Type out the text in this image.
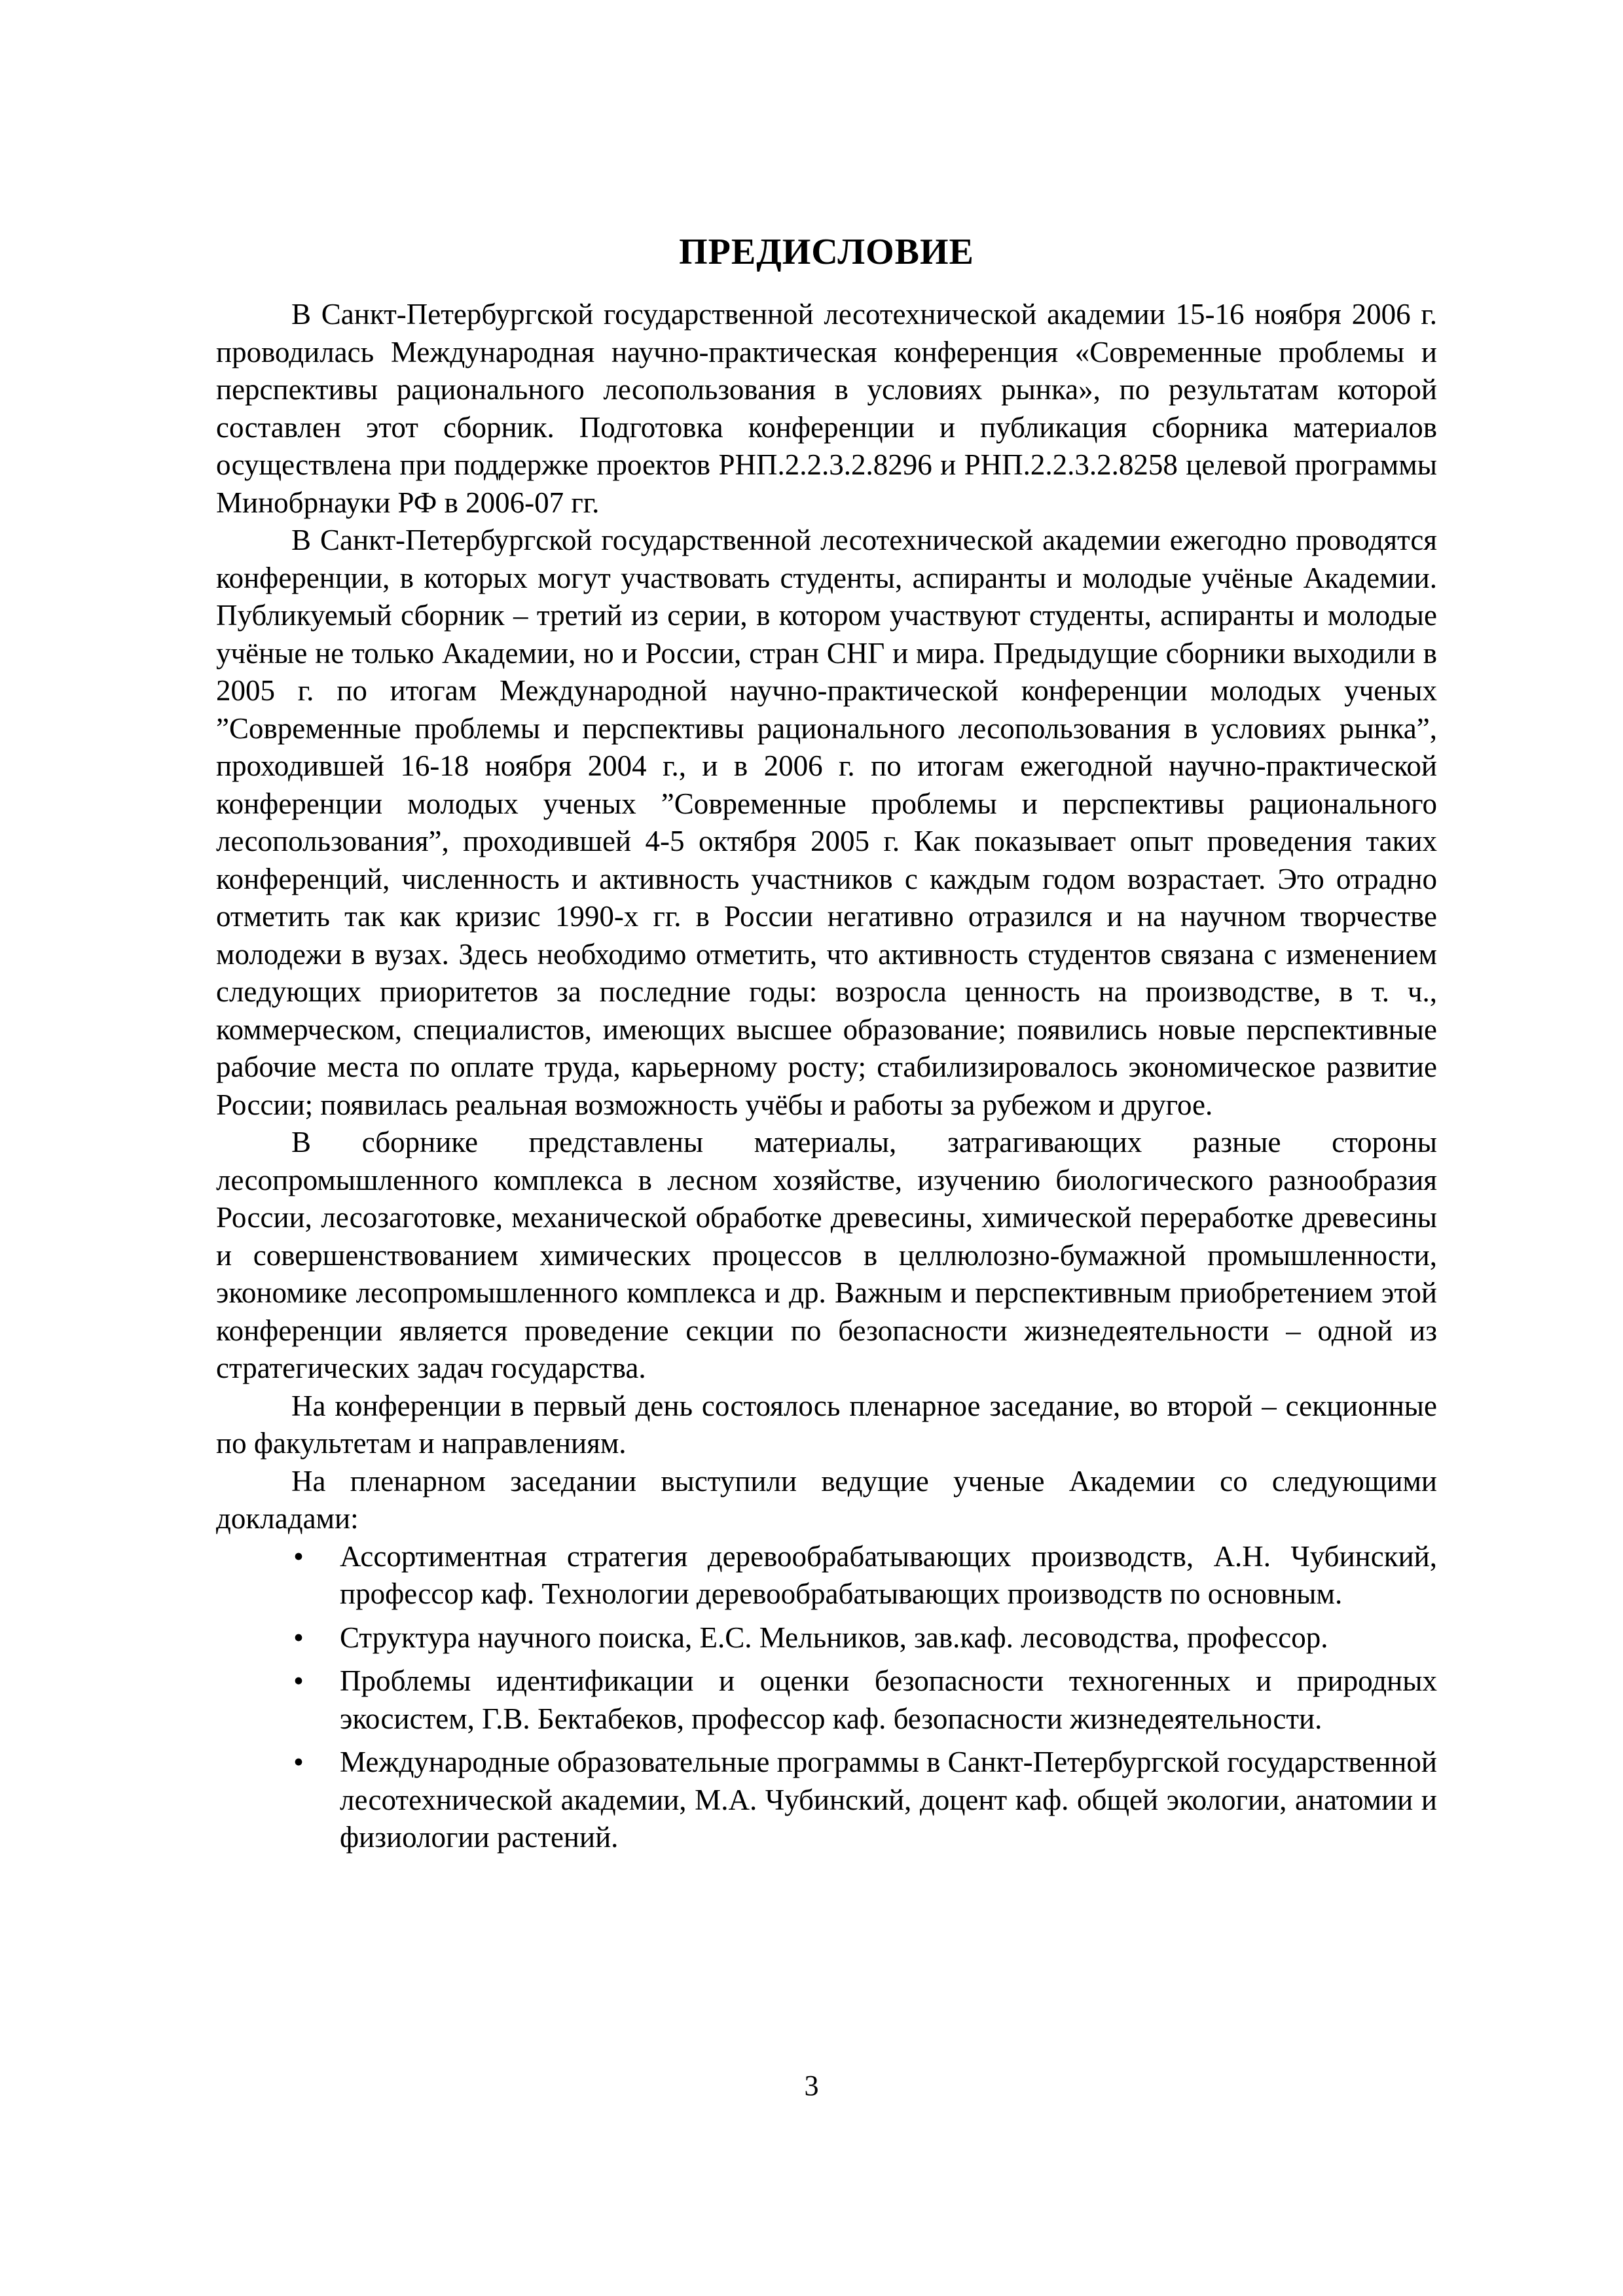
ПРЕДИСЛОВИЕ

В Санкт-Петербургской государственной лесотехнической академии 15-16 ноября 2006 г. проводилась Международная научно-практическая конференция «Современные проблемы и перспективы рационального лесопользования в условиях рынка», по результатам которой составлен этот сборник. Подготовка конференции и публикация сборника материалов осуществлена при поддержке проектов РНП.2.2.3.2.8296 и РНП.2.2.3.2.8258 целевой программы Минобрнауки РФ в 2006-07 гг.

В Санкт-Петербургской государственной лесотехнической академии ежегодно проводятся конференции, в которых могут участвовать студенты, аспиранты и молодые учёные Академии. Публикуемый сборник – третий из серии, в котором участвуют студенты, аспиранты и молодые учёные не только Академии, но и России, стран СНГ и мира. Предыдущие сборники выходили в 2005 г. по итогам Международной научно-практической конференции молодых ученых ”Современные проблемы и перспективы рационального лесопользования в условиях рынка”, проходившей 16-18 ноября 2004 г., и в 2006 г. по итогам ежегодной научно-практической конференции молодых ученых ”Современные проблемы и перспективы рационального лесопользования”, проходившей 4-5 октября 2005 г. Как показывает опыт проведения таких конференций, численность и активность участников с каждым годом возрастает. Это отрадно отметить так как кризис 1990-х гг. в России негативно отразился и на научном творчестве молодежи в вузах. Здесь необходимо отметить, что активность студентов связана с изменением следующих приоритетов за последние годы: возросла ценность на производстве, в т. ч., коммерческом, специалистов, имеющих высшее образование; появились новые перспективные рабочие места по оплате труда, карьерному росту; стабилизировалось экономическое развитие России; появилась реальная возможность учёбы и работы за рубежом и другое.

В сборнике представлены материалы, затрагивающих разные стороны лесопромышленного комплекса в лесном хозяйстве, изучению биологического разнообразия России, лесозаготовке, механической обработке древесины, химической переработке древесины и совершенствованием химических процессов в целлюлозно-бумажной промышленности, экономике лесопромышленного комплекса и др. Важным и перспективным приобретением этой конференции является проведение секции по безопасности жизнедеятельности – одной из стратегических задач государства.

На конференции в первый день состоялось пленарное заседание, во второй – секционные по факультетам и направлениям.

На пленарном заседании выступили ведущие ученые Академии со следующими докладами:

• Ассортиментная стратегия деревообрабатывающих производств, А.Н. Чубинский, профессор каф. Технологии деревообрабатывающих производств по основным.
• Структура научного поиска, Е.С. Мельников, зав.каф. лесоводства, профессор.
• Проблемы идентификации и оценки безопасности техногенных и природных экосистем, Г.В. Бектабеков, профессор каф. безопасности жизнедеятельности.
• Международные образовательные программы в Санкт-Петербургской государственной лесотехнической академии, М.А. Чубинский, доцент каф. общей экологии, анатомии и физиологии растений.
3
